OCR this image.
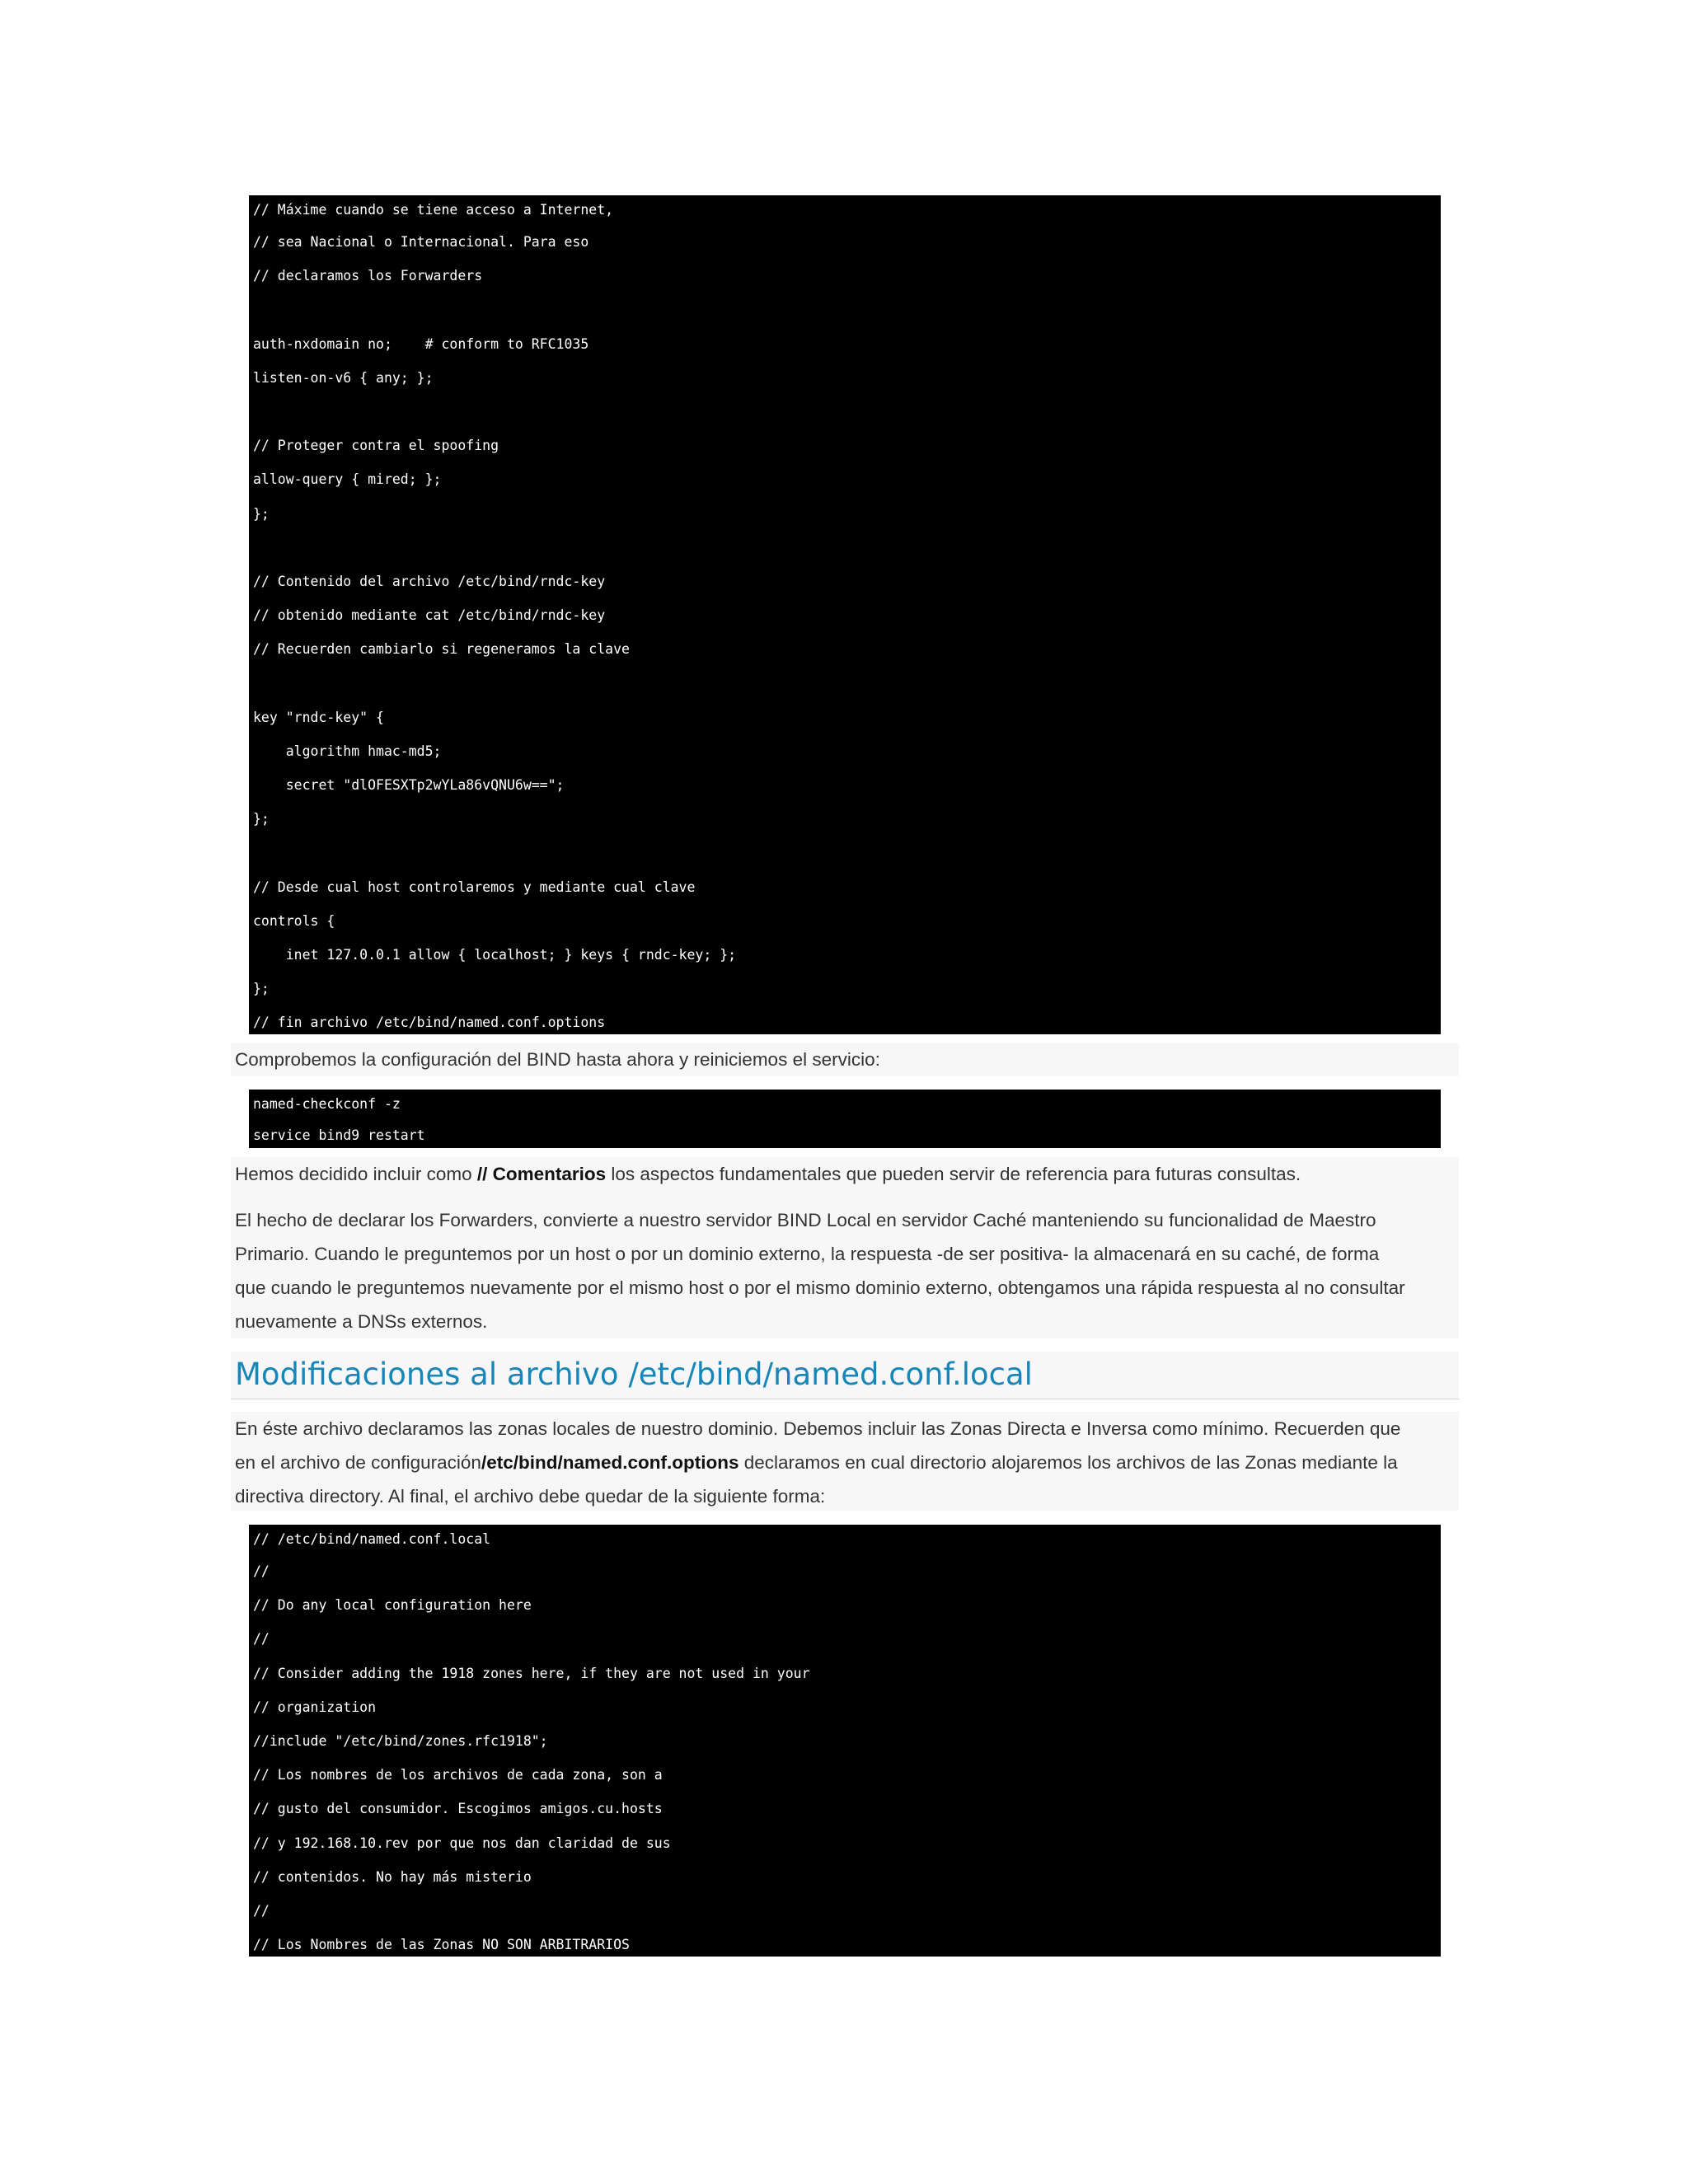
// Máxime cuando se tiene acceso a Internet,
// sea Nacional o Internacional. Para eso
// declaramos los Forwarders
auth-nxdomain no;    # conform to RFC1035
listen-on-v6 { any; };
// Proteger contra el spoofing
allow-query { mired; };
};
// Contenido del archivo /etc/bind/rndc-key
// obtenido mediante cat /etc/bind/rndc-key
// Recuerden cambiarlo si regeneramos la clave
key "rndc-key" {
algorithm hmac-md5;
secret "dlOFESXTp2wYLa86vQNU6w==";
};
// Desde cual host controlaremos y mediante cual clave
controls {
inet 127.0.0.1 allow { localhost; } keys { rndc-key; };
};
// fin archivo /etc/bind/named.conf.options

Comprobemos la configuración del BIND hasta ahora y reiniciemos el servicio:

named-checkconf -z
service bind9 restart

Hemos decidido incluir como // Comentarios los aspectos fundamentales que pueden servir de referencia para futuras consultas.

El hecho de declarar los Forwarders, convierte a nuestro servidor BIND Local en servidor Caché manteniendo su funcionalidad de Maestro

Primario. Cuando le preguntemos por un host o por un dominio externo, la respuesta -de ser positiva- la almacenará en su caché, de forma

que cuando le preguntemos nuevamente por el mismo host o por el mismo dominio externo, obtengamos una rápida respuesta al no consultar

nuevamente a DNSs externos.

Modificaciones al archivo /etc/bind/named.conf.local

En éste archivo declaramos las zonas locales de nuestro dominio. Debemos incluir las Zonas Directa e Inversa como mínimo. Recuerden que

en el archivo de configuración/etc/bind/named.conf.options declaramos en cual directorio alojaremos los archivos de las Zonas mediante la

directiva directory. Al final, el archivo debe quedar de la siguiente forma:

// /etc/bind/named.conf.local
//
// Do any local configuration here
//
// Consider adding the 1918 zones here, if they are not used in your
// organization
//include "/etc/bind/zones.rfc1918";
// Los nombres de los archivos de cada zona, son a
// gusto del consumidor. Escogimos amigos.cu.hosts
// y 192.168.10.rev por que nos dan claridad de sus
// contenidos. No hay más misterio
//
// Los Nombres de las Zonas NO SON ARBITRARIOS
